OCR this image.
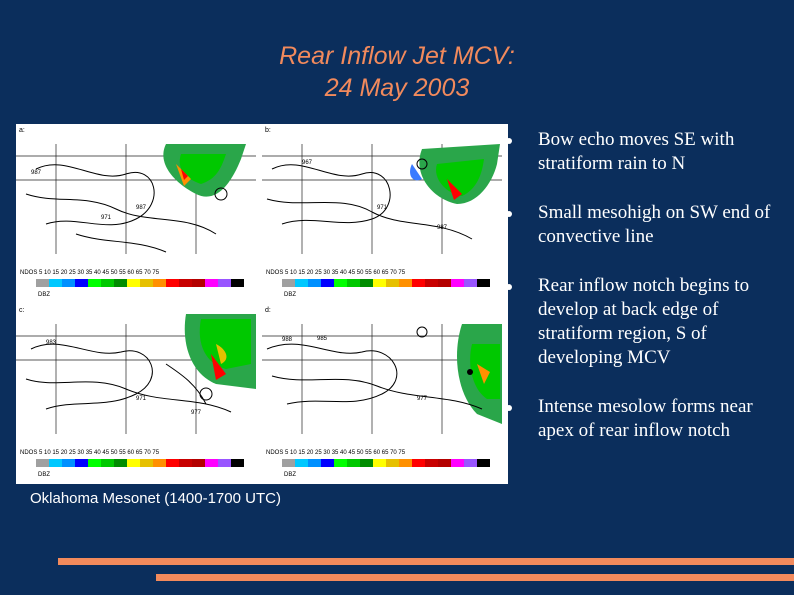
Rear Inflow Jet MCV:
24 May 2003
a:
987
987
971
NDOS 5 10 15 20 25 30 35 40 45 50 55 60 65 70 75
DBZ
b:
967
971
987
NDOS 5 10 15 20 25 30 35 40 45 50 55 60 65 70 75
DBZ
c:
983
971
977
NDOS 5 10 15 20 25 30 35 40 45 50 55 60 65 70 75
DBZ
d:
988	985
977
NDOS 5 10 15 20 25 30 35 40 45 50 55 60 65 70 75
DBZ
Oklahoma Mesonet (1400-1700 UTC)
Bow echo moves SE with stratiform rain to N
Small mesohigh on SW end of convective line
Rear inflow notch begins to develop at back edge of stratiform region, S of developing MCV
Intense mesolow forms near apex of rear inflow notch
